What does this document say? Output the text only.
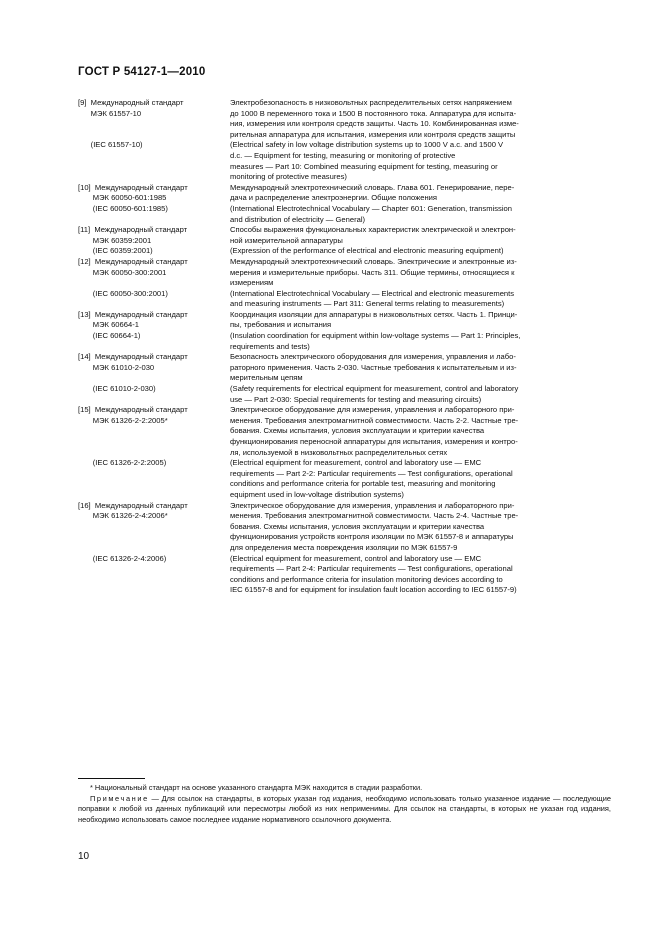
ГОСТ Р 54127-1—2010
[9]  Международный стандарт	Электробезопасность в низковольтных распределительных сетях напряжением
МЭК 61557-10	до 1000 В переменного тока и 1500 В постоянного тока. Аппаратура для испыта-
ния, измерения или контроля средств защиты. Часть 10. Комбинированная изме-
рительная аппаратура для испытания, измерения или контроля средств защиты
(IEC 61557-10)	(Electrical safety in low voltage distribution systems up to 1000 V a.c. and 1500 V
d.c. — Equipment for testing, measuring or monitoring of protective
measures — Part 10: Combined measuring equipment for testing, measuring or
monitoring of protective measures)
[10]  Международный стандарт	Международный электротехнический словарь. Глава 601. Генерирование, пере-
МЭК 60050-601:1985	дача и распределение электроэнергии. Общие положения
(IEC 60050-601:1985)	(International Electrotechnical Vocabulary — Chapter 601: Generation, transmission
and distribution of electricity — General)
[11]  Международный стандарт	Способы выражения функциональных характеристик электрической и электрон-
МЭК 60359:2001	ной измерительной аппаратуры
(IEC 60359:2001)	(Expression of the performance of electrical and electronic measuring equipment)
[12]  Международный стандарт	Международный электротехнический словарь. Электрические и электронные из-
МЭК 60050-300:2001	мерения и измерительные приборы. Часть 311. Общие термины, относящиеся к
измерениям
(IEC 60050-300:2001)	(International Electrotechnical Vocabulary — Electrical and electronic measurements
and measuring instruments — Part 311: General terms relating to measurements)
[13]  Международный стандарт	Координация изоляции для аппаратуры в низковольтных сетях. Часть 1. Принци-
МЭК 60664-1	пы, требования и испытания
(IEC 60664-1)	(Insulation coordination for equipment within low-voltage systems — Part 1: Principles,
requirements and tests)
[14]  Международный стандарт	Безопасность электрического оборудования для измерения, управления и лабо-
МЭК 61010-2-030	раторного применения. Часть 2-030. Частные требования к испытательным и из-
мерительным цепям
(IEC 61010-2-030)	(Safety requirements for electrical equipment for measurement, control and laboratory
use — Part 2-030: Special requirements for testing and measuring circuits)
[15]  Международный стандарт	Электрическое оборудование для измерения, управления и лабораторного при-
МЭК 61326-2-2:2005*	менения. Требования электромагнитной совместимости. Часть 2-2. Частные тре-
бования. Схемы испытания, условия эксплуатации и критерии качества
функционирования переносной аппаратуры для испытания, измерения и контро-
ля, используемой в низковольтных распределительных сетях
(IEC 61326-2-2:2005)	(Electrical equipment for measurement, control and laboratory use — EMC
requirements — Part 2-2: Particular requirements — Test configurations, operational
conditions and performance criteria for portable test, measuring and monitoring
equipment used in low-voltage distribution systems)
[16]  Международный стандарт	Электрическое оборудование для измерения, управления и лабораторного при-
МЭК 61326-2-4:2006*	менения. Требования электромагнитной совместимости. Часть 2-4. Частные тре-
бования. Схемы испытания, условия эксплуатации и критерии качества
функционирования устройств контроля изоляции по МЭК 61557-8 и аппаратуры
для определения места повреждения изоляции по МЭК 61557-9
(IEC 61326-2-4:2006)	(Electrical equipment for measurement, control and laboratory use — EMC
requirements — Part 2-4: Particular requirements — Test configurations, operational
conditions and performance criteria for insulation monitoring devices according to
IEC 61557-8 and for equipment for insulation fault location according to IEC 61557-9)
* Национальный стандарт на основе указанного стандарта МЭК находится в стадии разработки.
Примечание — Для ссылок на стандарты, в которых указан год издания, необходимо использовать только указанное издание — последующие поправки к любой из данных публикаций или пересмотры любой из них неприменимы. Для ссылок на стандарты, в которых не указан год издания, необходимо использовать самое последнее издание нормативного ссылочного документа.
10
